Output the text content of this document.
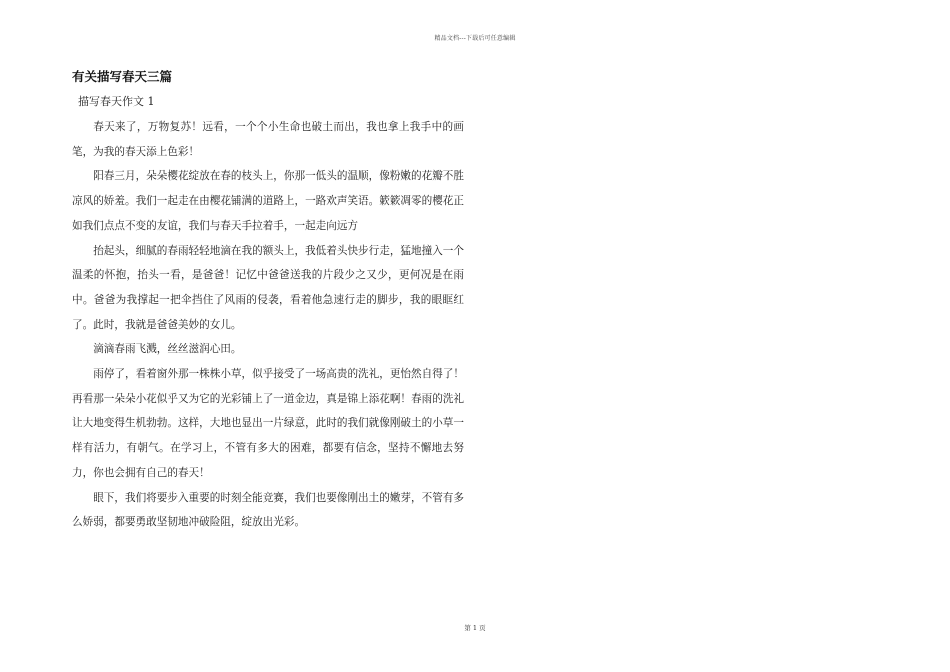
精品文档---下载后可任意编辑
有关描写春天三篇
描写春天作文 1

春天来了，万物复苏！远看，一个个小生命也破土而出，我也拿上我手中的画笔，为我的春天添上色彩！

阳春三月，朵朵樱花绽放在春的枝头上，你那一低头的温顺，像粉嫩的花瓣不胜凉风的娇羞。我们一起走在由樱花铺满的道路上，一路欢声笑语。簌簌凋零的樱花正如我们点点不变的友谊，我们与春天手拉着手，一起走向远方

抬起头，细腻的春雨轻轻地滴在我的额头上，我低着头快步行走，猛地撞入一个温柔的怀抱，抬头一看，是爸爸！记忆中爸爸送我的片段少之又少，更何况是在雨中。爸爸为我撑起一把伞挡住了风雨的侵袭，看着他急速行走的脚步，我的眼眶红了。此时，我就是爸爸美妙的女儿。

滴滴春雨飞溅，丝丝滋润心田。

雨停了，看着窗外那一株株小草，似乎接受了一场高贵的洗礼，更怡然自得了！再看那一朵朵小花似乎又为它的光彩铺上了一道金边，真是锦上添花啊！春雨的洗礼让大地变得生机勃勃。这样，大地也显出一片绿意，此时的我们就像刚破土的小草一样有活力，有朝气。在学习上，不管有多大的困难，都要有信念，坚持不懈地去努力，你也会拥有自己的春天！

眼下，我们将要步入重要的时刻全能竞赛，我们也要像刚出土的嫩芽，不管有多么娇弱，都要勇敢坚韧地冲破险阻，绽放出光彩。

第 1 页
